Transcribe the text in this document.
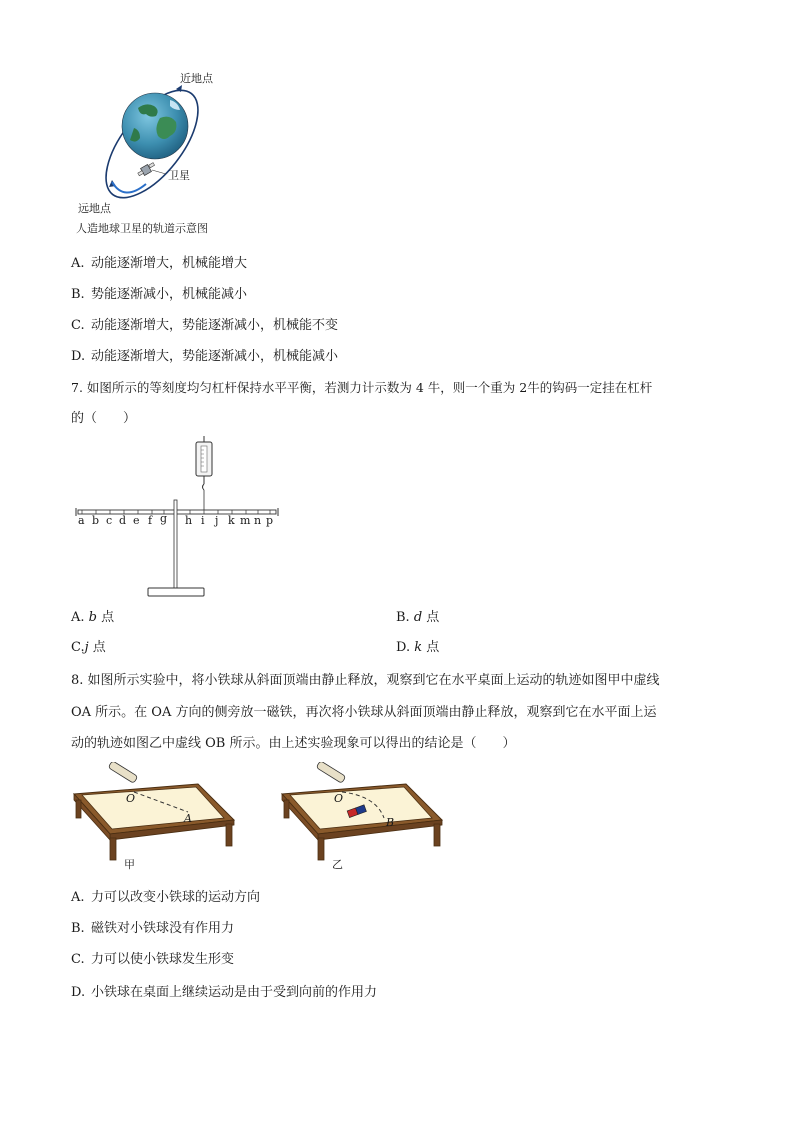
近地点
卫星
远地点
人造地球卫星的轨道示意图
A. 动能逐渐增大，机械能增大
B. 势能逐渐减小，机械能减小
C. 动能逐渐增大，势能逐渐减小，机械能不变
D. 动能逐渐增大，势能逐渐减小，机械能减小
7. 如图所示的等刻度均匀杠杆保持水平平衡，若测力计示数为 4 牛，则一个重为 2牛的钩码一定挂在杠杆
的（　　）
a b c d e f g h i j k m n p
A. b 点	B. d 点
C.j 点	D. k 点
8. 如图所示实验中，将小铁球从斜面顶端由静止释放，观察到它在水平桌面上运动的轨迹如图甲中虚线
OA 所示。在 OA 方向的侧旁放一磁铁，再次将小铁球从斜面顶端由静止释放，观察到它在水平面上运
动的轨迹如图乙中虚线 OB 所示。由上述实验现象可以得出的结论是（　　）
O
A
甲
O
B
乙
A. 力可以改变小铁球的运动方向
B. 磁铁对小铁球没有作用力
C. 力可以使小铁球发生形变
D. 小铁球在桌面上继续运动是由于受到向前的作用力
